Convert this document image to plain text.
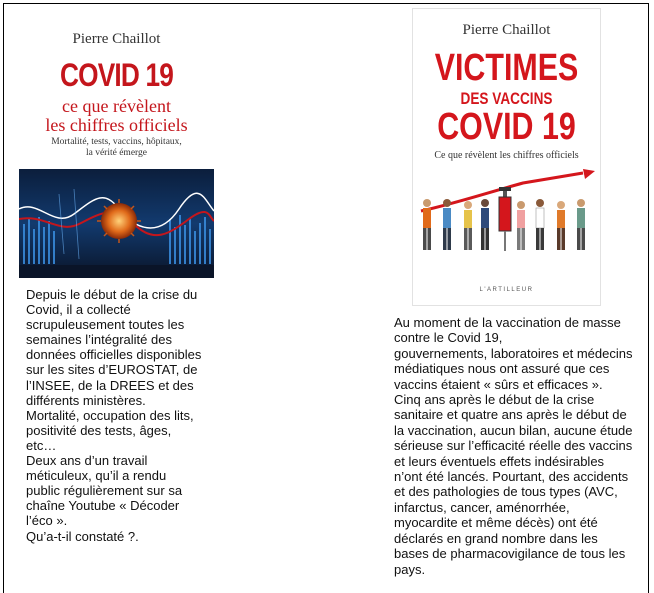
Pierre Chaillot
COVID 19
ce que révèlent
les chiffres officiels
Mortalité, tests, vaccins, hôpitaux,
la vérité émerge
Pierre Chaillot
VICTIMES
DES VACCINS
COVID 19
Ce que révèlent les chiffres officiels
L'ARTILLEUR
Depuis le début de la crise du
Covid, il a collecté
scrupuleusement toutes les
semaines l’intégralité des
données officielles disponibles
sur les sites d’EUROSTAT, de
l’INSEE, de la DREES et des
différents ministères.
Mortalité, occupation des lits,
positivité des tests, âges,
etc…
Deux ans d’un travail
méticuleux, qu’il a rendu
public régulièrement sur sa
chaîne Youtube « Décoder
l’éco ».
Qu’a-t-il constaté ?.
Au moment de la vaccination de masse
contre le Covid 19,
gouvernements, laboratoires et médecins
médiatiques nous ont assuré que ces
vaccins étaient « sûrs et efficaces ».
Cinq ans après le début de la crise
sanitaire et quatre ans après le début de
la vaccination, aucun bilan, aucune étude
sérieuse sur l’efficacité réelle des vaccins
et leurs éventuels effets indésirables
n’ont été lancés. Pourtant, des accidents
et des pathologies de tous types (AVC,
infarctus, cancer, aménorrhée,
myocardite et même décès) ont été
déclarés en grand nombre dans les
bases de pharmacovigilance de tous les
pays.
